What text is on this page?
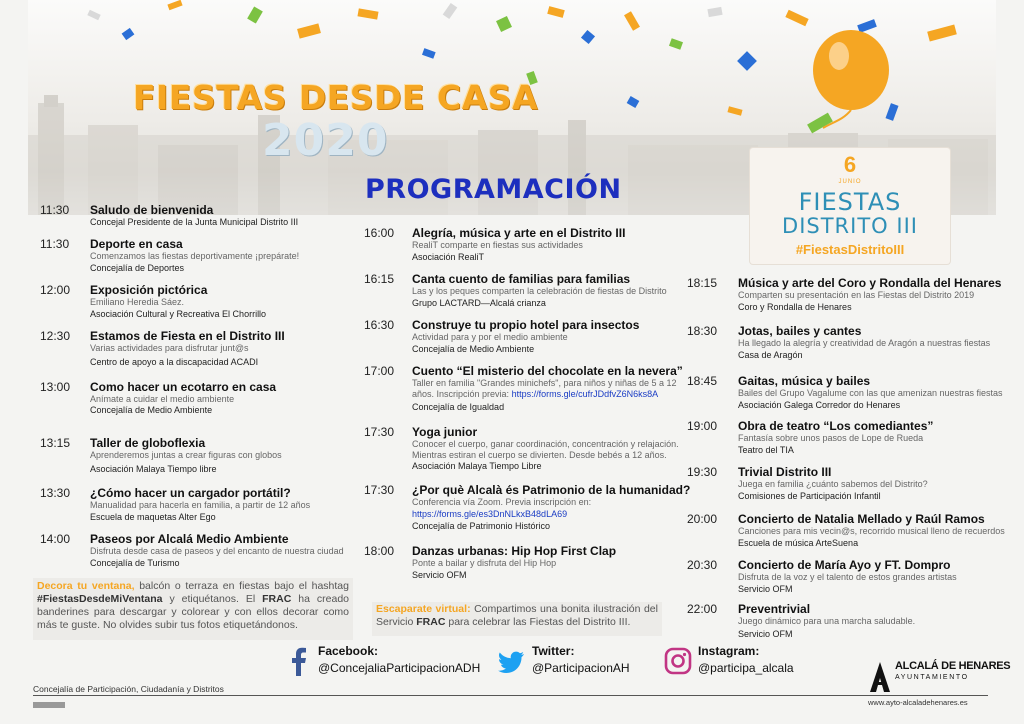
FIESTAS DESDE CASA
2020
PROGRAMACIÓN
6
JUNIO
FIESTAS
DISTRITO III
#FiestasDistritoIII
11:30 Saludo de bienvenida
Concejal Presidente de la Junta Municipal Distrito III
11:30 Deporte en casa
Comenzamos las fiestas deportivamente ¡prepárate!
Concejalía de Deportes
12:00 Exposición pictórica
Emiliano Heredia Sáez.
Asociación Cultural y Recreativa El Chorrillo
12:30 Estamos de Fiesta en el Distrito III
Varias actividades para disfrutar junt@s
Centro de apoyo a la discapacidad ACADI
13:00 Como hacer un ecotarro en casa
Anímate a cuidar el medio ambiente
Concejalía de Medio Ambiente
13:15 Taller de globoflexia
Aprenderemos juntas a crear figuras con globos
Asociación Malaya Tiempo libre
13:30 ¿Cómo hacer un cargador portátil?
Manualidad para hacerla en familia, a partir de 12 años
Escuela de maquetas Alter Ego
14:00 Paseos por Alcalá Medio Ambiente
Disfruta desde casa de paseos y del encanto de nuestra ciudad
Concejalía de Turismo
Decora tu ventana, balcón o terraza en fiestas bajo el hashtag #FiestasDesdeMiVentana y etiquétanos. El FRAC ha creado banderines para descargar y colorear y con ellos decorar como más te guste. No olvides subir tus fotos etiquetándonos.
16:00 Alegría, música y arte en el Distrito III
RealiT comparte en fiestas sus actividades
Asociación RealiT
16:15 Canta cuento de familias para familias
Las y los peques comparten la celebración de fiestas de Distrito
Grupo LACTARD—Alcalá crianza
16:30 Construye tu propio hotel para insectos
Actividad para y por el medio ambiente
Concejalía de Medio Ambiente
17:00 Cuento “El misterio del chocolate en la nevera”
Taller en familia "Grandes minichefs", para niños y niñas de 5 a 12
años. Inscripción previa: https://forms.gle/cufrJDdfvZ6N6ks8A
Concejalía de Igualdad
17:30 Yoga junior
Conocer el cuerpo, ganar coordinación, concentración y relajación.
Mientras estiran el cuerpo se divierten. Desde bebés a 12 años.
Asociación Malaya Tiempo Libre
17:30 ¿Por què Alcalà és Patrimonio de la humanidad?
Conferencia vía Zoom. Previa inscripción en:
https://forms.gle/es3DnNLkxB48dLA69
Concejalía de Patrimonio Histórico
18:00 Danzas urbanas: Hip Hop First Clap
Ponte a bailar y disfruta del Hip Hop
Servicio OFM
Escaparate virtual: Compartimos una bonita ilustración del Servicio FRAC para celebrar las Fiestas del Distrito III.
18:15 Música y arte del Coro y Rondalla del Henares
Comparten su presentación en las Fiestas del Distrito 2019
Coro y Rondalla de Henares
18:30 Jotas, bailes y cantes
Ha llegado la alegría y creatividad de Aragón a nuestras fiestas
Casa de Aragón
18:45 Gaitas, música y bailes
Bailes del Grupo Vagalume con las que amenizan nuestras fiestas
Asociación Galega Corredor do Henares
19:00 Obra de teatro “Los comediantes”
Fantasía sobre unos pasos de Lope de Rueda
Teatro del TIA
19:30 Trivial Distrito III
Juega en familia ¿cuánto sabemos del Distrito?
Comisiones de Participación Infantil
20:00 Concierto de Natalia Mellado y Raúl Ramos
Canciones para mis vecin@s, recorrido musical lleno de recuerdos
Escuela de música ArteSuena
20:30 Concierto de María Ayo y FT. Dompro
Disfruta de la voz y el talento de estos grandes artistas
Servicio OFM
22:00 Preventrivial
Juego dinámico para una marcha saludable.
Servicio OFM
Facebook:
@ConcejaliaParticipacionADH
Twitter:
@ParticipacionAH
Instagram:
@participa_alcala
Concejalía de Participación, Ciudadanía y Distritos
ALCALÁ DE HENARES
AYUNTAMIENTO
www.ayto-alcaladehenares.es
